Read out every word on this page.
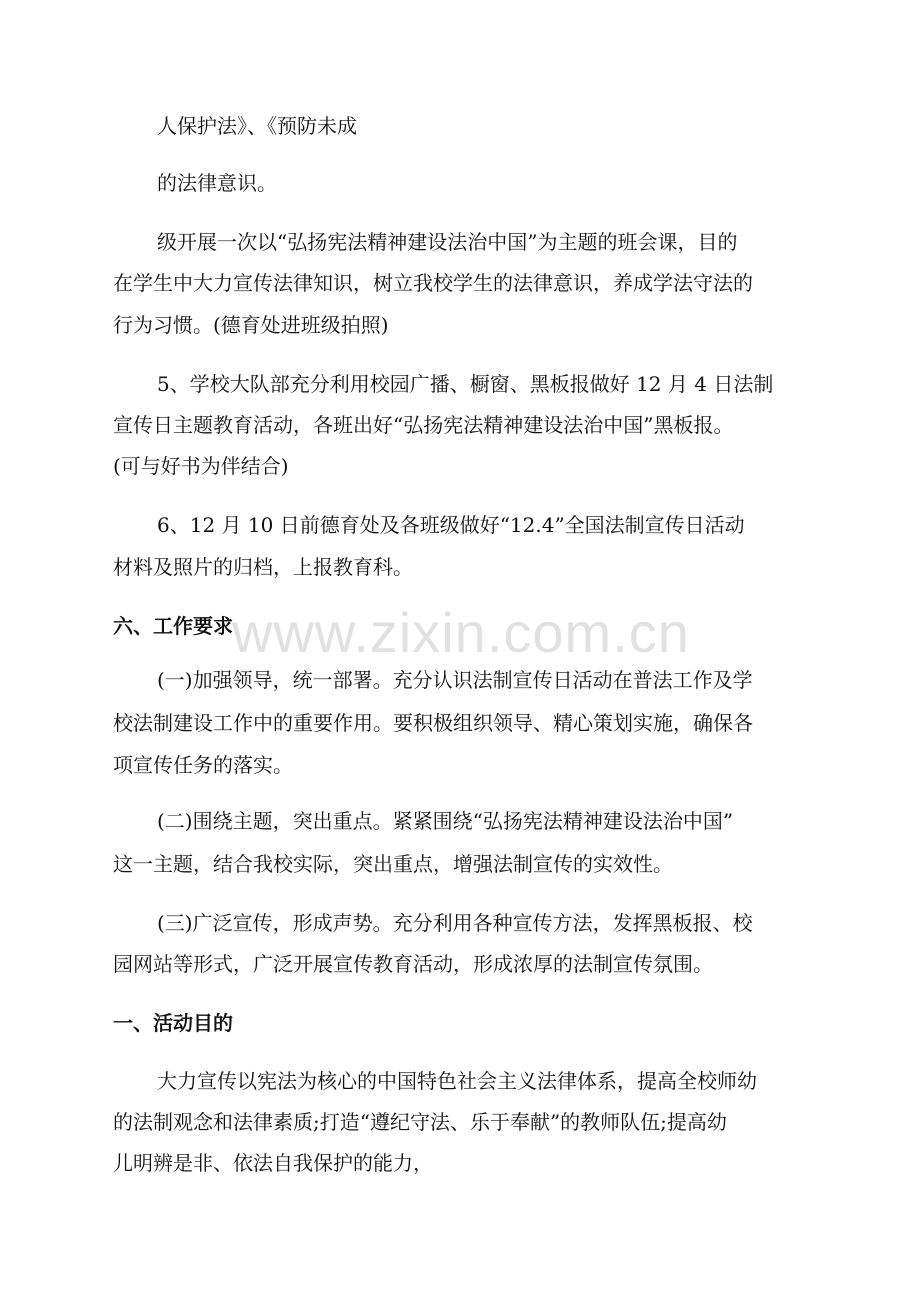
人保护法》、《预防未成
的法律意识。
级开展一次以“弘扬宪法精神建设法治中国”为主题的班会课，目的
在学生中大力宣传法律知识，树立我校学生的法律意识，养成学法守法的
行为习惯。(德育处进班级拍照)
5、学校大队部充分利用校园广播、橱窗、黑板报做好 12 月 4 日法制
宣传日主题教育活动，各班出好“弘扬宪法精神建设法治中国”黑板报。
(可与好书为伴结合)
6、12 月 10 日前德育处及各班级做好“12.4”全国法制宣传日活动
材料及照片的归档，上报教育科。
六、工作要求
(一)加强领导，统一部署。充分认识法制宣传日活动在普法工作及学
校法制建设工作中的重要作用。要积极组织领导、精心策划实施，确保各
项宣传任务的落实。
(二)围绕主题，突出重点。紧紧围绕“弘扬宪法精神建设法治中国”
这一主题，结合我校实际，突出重点，增强法制宣传的实效性。
(三)广泛宣传，形成声势。充分利用各种宣传方法，发挥黑板报、校
园网站等形式，广泛开展宣传教育活动，形成浓厚的法制宣传氛围。
一、活动目的
大力宣传以宪法为核心的中国特色社会主义法律体系，提高全校师幼
的法制观念和法律素质;打造“遵纪守法、乐于奉献”的教师队伍;提高幼
儿明辨是非、依法自我保护的能力，
www.zixin.com.cn
